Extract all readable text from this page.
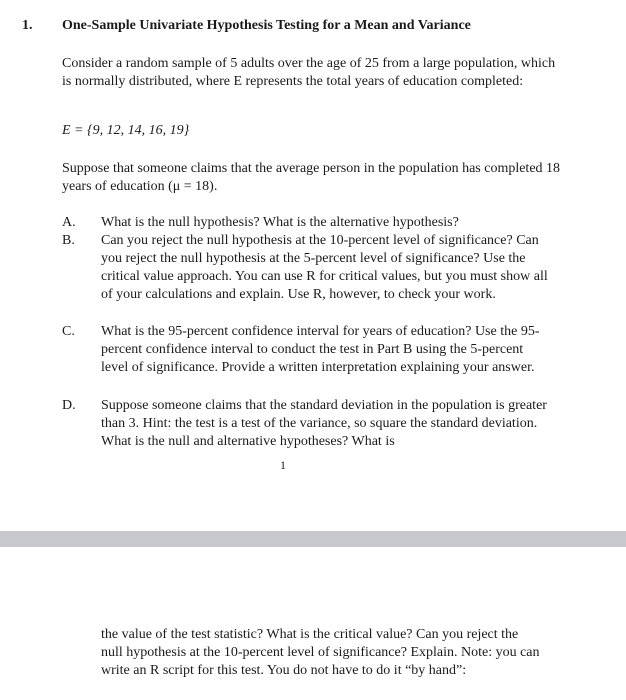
1. One-Sample Univariate Hypothesis Testing for a Mean and Variance
Consider a random sample of 5 adults over the age of 25 from a large population, which is normally distributed, where E represents the total years of education completed:
E = {9, 12, 14, 16, 19}
Suppose that someone claims that the average person in the population has completed 18 years of education (μ = 18).
A. What is the null hypothesis? What is the alternative hypothesis?
B. Can you reject the null hypothesis at the 10-percent level of significance? Can you reject the null hypothesis at the 5-percent level of significance? Use the critical value approach. You can use R for critical values, but you must show all of your calculations and explain. Use R, however, to check your work.
C. What is the 95-percent confidence interval for years of education? Use the 95-percent confidence interval to conduct the test in Part B using the 5-percent level of significance. Provide a written interpretation explaining your answer.
D. Suppose someone claims that the standard deviation in the population is greater than 3. Hint: the test is a test of the variance, so square the standard deviation. What is the null and alternative hypotheses? What is
1
the value of the test statistic? What is the critical value? Can you reject the null hypothesis at the 10-percent level of significance? Explain. Note: you can write an R script for this test. You do not have to do it “by hand”:
